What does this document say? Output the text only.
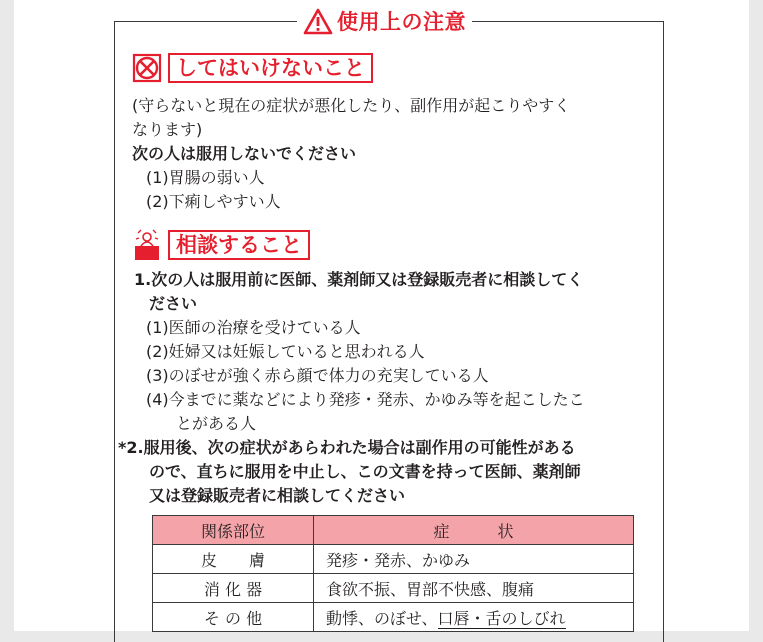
使用上の注意
してはいけないこと
(守らないと現在の症状が悪化したり、副作用が起こりやすく
なります)
次の人は服用しないでください
(1)胃腸の弱い人
(2)下痢しやすい人
相談すること
1.次の人は服用前に医師、薬剤師又は登録販売者に相談してく
ださい
(1)医師の治療を受けている人
(2)妊婦又は妊娠していると思われる人
(3)のぼせが強く赤ら顔で体力の充実している人
(4)今までに薬などにより発疹・発赤、かゆみ等を起こしたこ
とがある人
*2.服用後、次の症状があらわれた場合は副作用の可能性がある
ので、直ちに服用を中止し、この文書を持って医師、薬剤師
又は登録販売者に相談してください
関係部位	症　　　状
皮　　膚	発疹・発赤、かゆみ
消 化 器	食欲不振、胃部不快感、腹痛
そ の 他	動悸、のぼせ、口唇・舌のしびれ
